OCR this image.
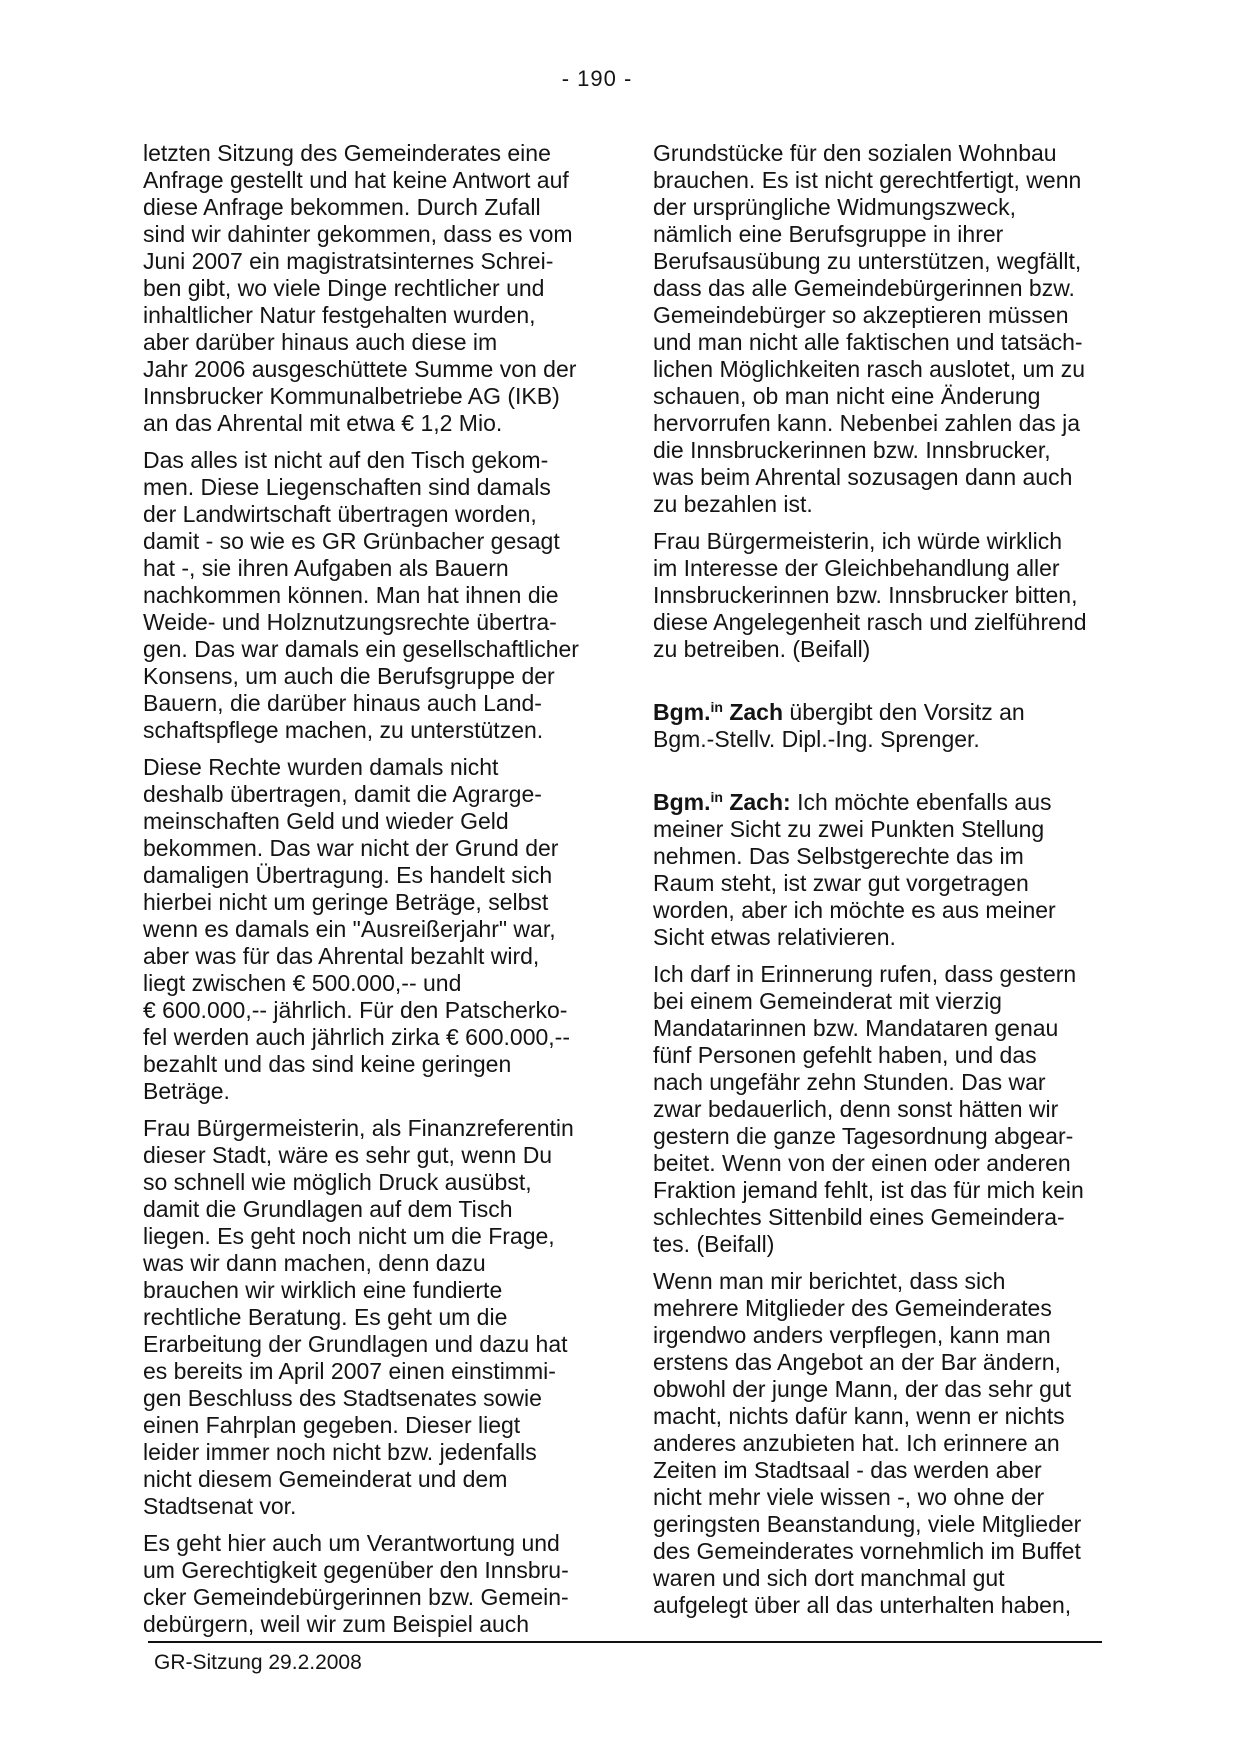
- 190 -
letzten Sitzung des Gemeinderates eine
Anfrage gestellt und hat keine Antwort auf
diese Anfrage bekommen. Durch Zufall
sind wir dahinter gekommen, dass es vom
Juni 2007 ein magistratsinternes Schrei-
ben gibt, wo viele Dinge rechtlicher und
inhaltlicher Natur festgehalten wurden,
aber darüber hinaus auch diese im
Jahr 2006 ausgeschüttete Summe von der
Innsbrucker Kommunalbetriebe AG (IKB)
an das Ahrental mit etwa € 1,2 Mio.
Das alles ist nicht auf den Tisch gekom-
men. Diese Liegenschaften sind damals
der Landwirtschaft übertragen worden,
damit - so wie es GR Grünbacher gesagt
hat -, sie ihren Aufgaben als Bauern
nachkommen können. Man hat ihnen die
Weide- und Holznutzungsrechte übertra-
gen. Das war damals ein gesellschaftlicher
Konsens, um auch die Berufsgruppe der
Bauern, die darüber hinaus auch Land-
schaftspflege machen, zu unterstützen.
Diese Rechte wurden damals nicht
deshalb übertragen, damit die Agrarge-
meinschaften Geld und wieder Geld
bekommen. Das war nicht der Grund der
damaligen Übertragung. Es handelt sich
hierbei nicht um geringe Beträge, selbst
wenn es damals ein "Ausreißerjahr" war,
aber was für das Ahrental bezahlt wird,
liegt zwischen € 500.000,-- und
€ 600.000,-- jährlich. Für den Patscherko-
fel werden auch jährlich zirka € 600.000,--
bezahlt und das sind keine geringen
Beträge.
Frau Bürgermeisterin, als Finanzreferentin
dieser Stadt, wäre es sehr gut, wenn Du
so schnell wie möglich Druck ausübst,
damit die Grundlagen auf dem Tisch
liegen. Es geht noch nicht um die Frage,
was wir dann machen, denn dazu
brauchen wir wirklich eine fundierte
rechtliche Beratung. Es geht um die
Erarbeitung der Grundlagen und dazu hat
es bereits im April 2007 einen einstimmi-
gen Beschluss des Stadtsenates sowie
einen Fahrplan gegeben. Dieser liegt
leider immer noch nicht bzw. jedenfalls
nicht diesem Gemeinderat und dem
Stadtsenat vor.
Es geht hier auch um Verantwortung und
um Gerechtigkeit gegenüber den Innsbru-
cker Gemeindebürgerinnen bzw. Gemein-
debürgern, weil wir zum Beispiel auch
Grundstücke für den sozialen Wohnbau
brauchen. Es ist nicht gerechtfertigt, wenn
der ursprüngliche Widmungszweck,
nämlich eine Berufsgruppe in ihrer
Berufsausübung zu unterstützen, wegfällt,
dass das alle Gemeindebürgerinnen bzw.
Gemeindebürger so akzeptieren müssen
und man nicht alle faktischen und tatsäch-
lichen Möglichkeiten rasch auslotet, um zu
schauen, ob man nicht eine Änderung
hervorrufen kann. Nebenbei zahlen das ja
die Innsbruckerinnen bzw. Innsbrucker,
was beim Ahrental sozusagen dann auch
zu bezahlen ist.
Frau Bürgermeisterin, ich würde wirklich
im Interesse der Gleichbehandlung aller
Innsbruckerinnen bzw. Innsbrucker bitten,
diese Angelegenheit rasch und zielführend
zu betreiben. (Beifall)
Bgm.$^{in}$ Zach übergibt den Vorsitz an
Bgm.-Stellv. Dipl.-Ing. Sprenger.
Bgm.$^{in}$ Zach: Ich möchte ebenfalls aus
meiner Sicht zu zwei Punkten Stellung
nehmen. Das Selbstgerechte das im
Raum steht, ist zwar gut vorgetragen
worden, aber ich möchte es aus meiner
Sicht etwas relativieren.
Ich darf in Erinnerung rufen, dass gestern
bei einem Gemeinderat mit vierzig
Mandatarinnen bzw. Mandataren genau
fünf Personen gefehlt haben, und das
nach ungefähr zehn Stunden. Das war
zwar bedauerlich, denn sonst hätten wir
gestern die ganze Tagesordnung abgear-
beitet. Wenn von der einen oder anderen
Fraktion jemand fehlt, ist das für mich kein
schlechtes Sittenbild eines Gemeindera-
tes. (Beifall)
Wenn man mir berichtet, dass sich
mehrere Mitglieder des Gemeinderates
irgendwo anders verpflegen, kann man
erstens das Angebot an der Bar ändern,
obwohl der junge Mann, der das sehr gut
macht, nichts dafür kann, wenn er nichts
anderes anzubieten hat. Ich erinnere an
Zeiten im Stadtsaal - das werden aber
nicht mehr viele wissen -, wo ohne der
geringsten Beanstandung, viele Mitglieder
des Gemeinderates vornehmlich im Buffet
waren und sich dort manchmal gut
aufgelegt über all das unterhalten haben,
GR-Sitzung 29.2.2008
